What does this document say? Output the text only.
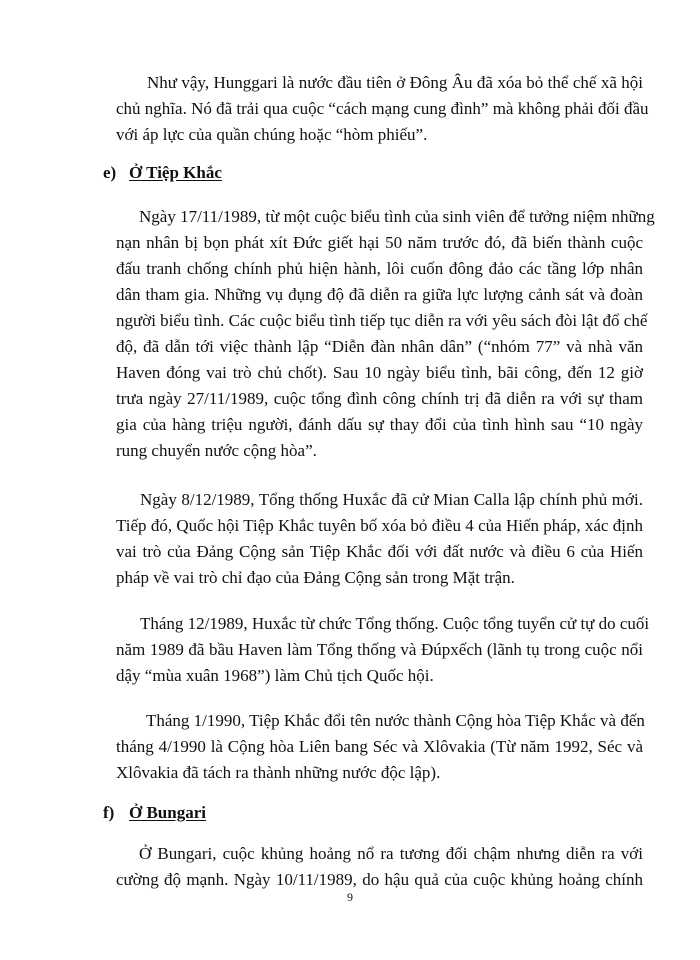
Như vậy, Hunggari là nước đầu tiên ở Đông Âu đã xóa bỏ thể chế xã hội
chủ nghĩa. Nó đã trải qua cuộc “cách mạng cung đình” mà không phải đối đầu
với áp lực của quần chúng hoặc “hòm phiếu”.
e) Ở Tiệp Khắc
Ngày 17/11/1989, từ một cuộc biểu tình của sinh viên để tưởng niệm những
nạn nhân bị bọn phát xít Đức giết hại 50 năm trước đó, đã biến thành cuộc
đấu tranh chống chính phủ hiện hành, lôi cuốn đông đảo các tầng lớp nhân
dân tham gia. Những vụ đụng độ đã diễn ra giữa lực lượng cảnh sát và đoàn
người biểu tình. Các cuộc biểu tình tiếp tục diễn ra với yêu sách đòi lật đổ chế
độ, đã dẫn tới việc thành lập “Diễn đàn nhân dân” (“nhóm 77” và nhà văn
Haven đóng vai trò chủ chốt). Sau 10 ngày biểu tình, bãi công, đến 12 giờ
trưa ngày 27/11/1989, cuộc tổng đình công chính trị đã diễn ra với sự tham
gia của hàng triệu người, đánh dấu sự thay đổi của tình hình sau “10 ngày
rung chuyển nước cộng hòa”.
Ngày 8/12/1989, Tổng thống Huxắc đã cử Mian Calla lập chính phủ mới.
Tiếp đó, Quốc hội Tiệp Khắc tuyên bố xóa bỏ điều 4 của Hiến pháp, xác định
vai trò của Đảng Cộng sản Tiệp Khắc đối với đất nước và điều 6 của Hiến
pháp về vai trò chỉ đạo của Đảng Cộng sản trong Mặt trận.
Tháng 12/1989, Huxắc từ chức Tổng thống. Cuộc tổng tuyển cử tự do cuối
năm 1989 đã bầu Haven làm Tổng thống và Đúpxếch (lãnh tụ trong cuộc nổi
dậy “mùa xuân 1968”) làm Chủ tịch Quốc hội.
Tháng 1/1990, Tiệp Khắc đổi tên nước thành Cộng hòa Tiệp Khắc và đến
tháng 4/1990 là Cộng hòa Liên bang Séc và Xlôvakia (Từ năm 1992, Séc và
Xlôvakia đã tách ra thành những nước độc lập).
f) Ở Bungari
Ở Bungari, cuộc khủng hoảng nổ ra tương đối chậm nhưng diễn ra với
cường độ mạnh. Ngày 10/11/1989, do hậu quả của cuộc khủng hoảng chính
9
